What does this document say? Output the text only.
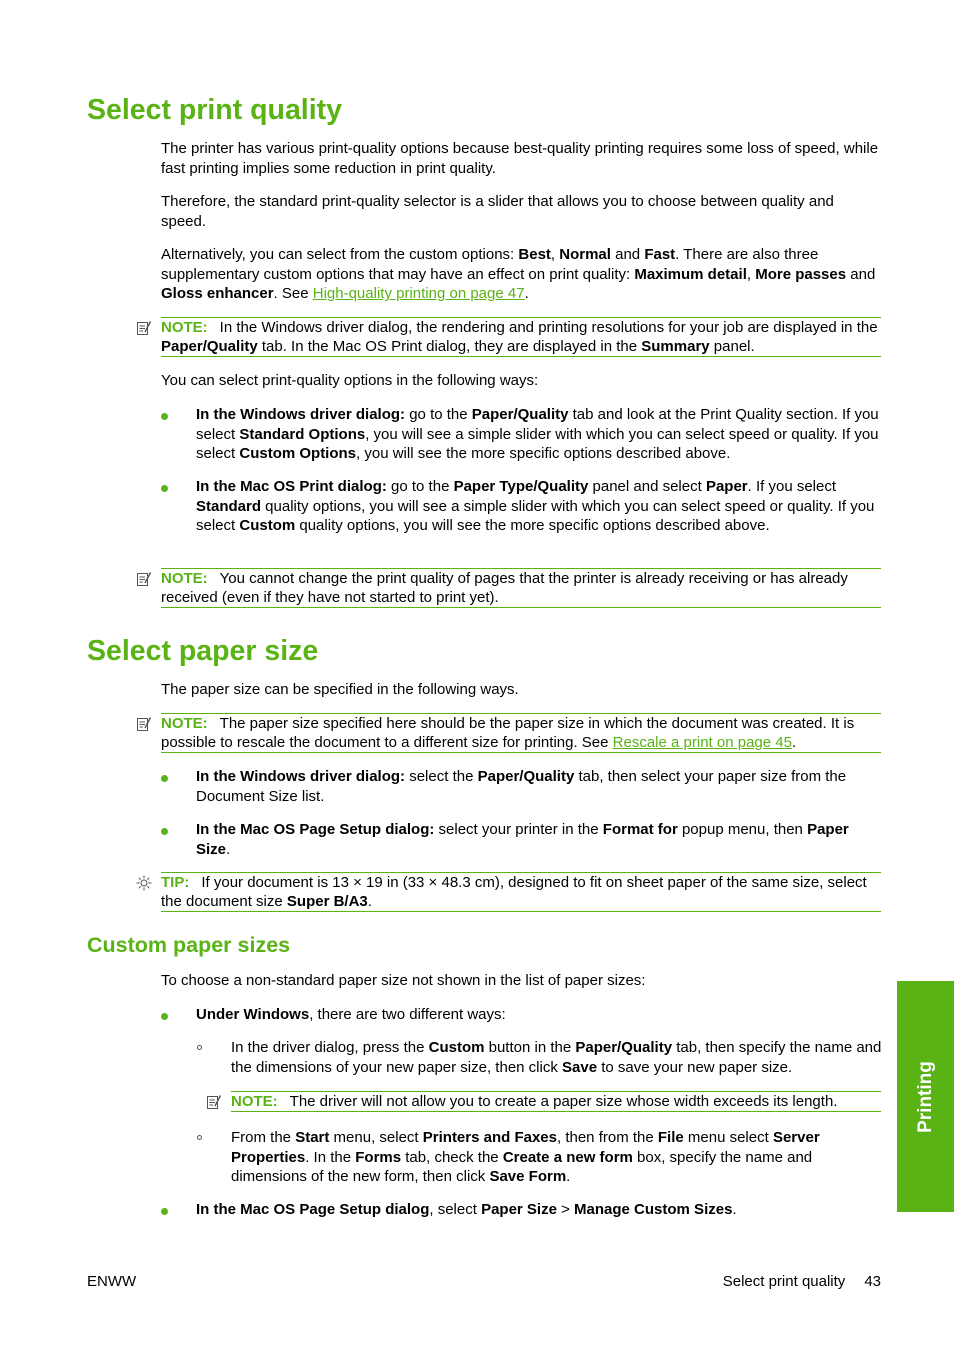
Select print quality

The printer has various print-quality options because best-quality printing requires some loss of speed, while fast printing implies some reduction in print quality.

Therefore, the standard print-quality selector is a slider that allows you to choose between quality and speed.

Alternatively, you can select from the custom options: Best, Normal and Fast. There are also three supplementary custom options that may have an effect on print quality: Maximum detail, More passes and Gloss enhancer. See High-quality printing on page 47.

NOTE: In the Windows driver dialog, the rendering and printing resolutions for your job are displayed in the Paper/Quality tab. In the Mac OS Print dialog, they are displayed in the Summary panel.

You can select print-quality options in the following ways:

In the Windows driver dialog: go to the Paper/Quality tab and look at the Print Quality section. If you select Standard Options, you will see a simple slider with which you can select speed or quality. If you select Custom Options, you will see the more specific options described above.
In the Mac OS Print dialog: go to the Paper Type/Quality panel and select Paper. If you select Standard quality options, you will see a simple slider with which you can select speed or quality. If you select Custom quality options, you will see the more specific options described above.
NOTE: You cannot change the print quality of pages that the printer is already receiving or has already received (even if they have not started to print yet).
Select paper size

The paper size can be specified in the following ways.

NOTE: The paper size specified here should be the paper size in which the document was created. It is possible to rescale the document to a different size for printing. See Rescale a print on page 45.
In the Windows driver dialog: select the Paper/Quality tab, then select your paper size from the Document Size list.
In the Mac OS Page Setup dialog: select your printer in the Format for popup menu, then Paper Size.
TIP: If your document is 13 × 19 in (33 × 48.3 cm), designed to fit on sheet paper of the same size, select the document size Super B/A3.
Custom paper sizes

To choose a non-standard paper size not shown in the list of paper sizes:

Under Windows, there are two different ways:
In the driver dialog, press the Custom button in the Paper/Quality tab, then specify the name and the dimensions of your new paper size, then click Save to save your new paper size.
NOTE: The driver will not allow you to create a paper size whose width exceeds its length.
From the Start menu, select Printers and Faxes, then from the File menu select Server Properties. In the Forms tab, check the Create a new form box, specify the name and dimensions of the new form, then click Save Form.
In the Mac OS Page Setup dialog, select Paper Size > Manage Custom Sizes.
Printing
ENWW	Select print quality 43
